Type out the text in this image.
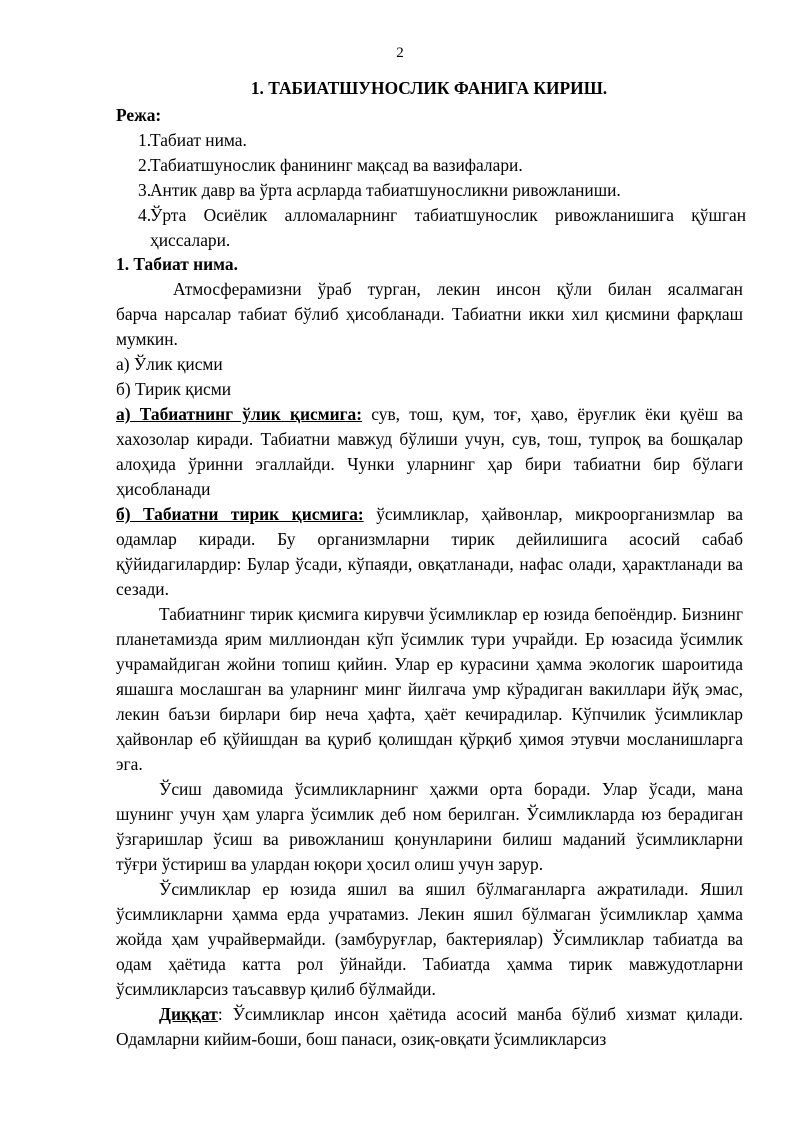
2
1. ТАБИАТШУНОСЛИК ФАНИГА КИРИШ.
Режа:
1.
Табиат нима.
2.
Табиатшунослик фанининг мақсад ва вазифалари.
3.
Антик давр ва ўрта асрларда табиатшуносликни ривожланиши.
4.
Ўрта Осиёлик алломаларнинг табиатшунослик ривожланишига қўшган
ҳиссалари.
1. Табиат нима.
Атмосферамизни ўраб турган, лекин инсон қўли билан ясалмаган
барча нарсалар табиат бўлиб ҳисобланади. Табиатни икки хил қисмини фарқлаш мумкин.
а) Ўлик қисми
б) Тирик қисми
а) Табиатнинг ўлик қисмига: сув, тош, қум, тоғ, ҳаво, ёруғлик ёки қуёш ва хахозолар киради. Табиатни мавжуд бўлиши учун, сув, тош, тупроқ ва бошқалар алоҳида ўринни эгаллайди. Чунки уларнинг ҳар бири табиатни бир бўлаги ҳисобланади
б) Табиатни тирик қисмига: ўсимликлар, ҳайвонлар, микроорганизмлар ва одамлар киради. Бу организмларни тирик дейилишига асосий сабаб қўйидагилардир: Булар ўсади, кўпаяди, овқатланади, нафас олади, ҳарактланади ва сезади.
Табиатнинг тирик қисмига кирувчи ўсимликлар ер юзида бепоёндир. Бизнинг планетамизда ярим миллиондан кўп ўсимлик тури учрайди. Ер юзасида ўсимлик учрамайдиган жойни топиш қийин. Улар ер курасини ҳамма экологик шароитида яшашга мослашган ва уларнинг минг йилгача умр кўрадиган вакиллари йўқ эмас, лекин баъзи бирлари бир неча ҳафта, ҳаёт кечирадилар. Кўпчилик ўсимликлар ҳайвонлар еб қўйишдан ва қуриб қолишдан қўрқиб ҳимоя этувчи мосланишларга эга.
Ўсиш давомида ўсимликларнинг ҳажми орта боради. Улар ўсади, мана шунинг учун ҳам уларга ўсимлик деб ном берилган. Ўсимликларда юз берадиган ўзгаришлар ўсиш ва ривожланиш қонунларини билиш маданий ўсимликларни тўғри ўстириш ва улардан юқори ҳосил олиш учун зарур.
Ўсимликлар ер юзида яшил ва яшил бўлмаганларга ажратилади. Яшил ўсимликларни ҳамма ерда учратамиз. Лекин яшил бўлмаган ўсимликлар ҳамма жойда ҳам учрайвермайди. (замбуруғлар, бактериялар) Ўсимликлар табиатда ва одам ҳаётида катта рол ўйнайди. Табиатда ҳамма тирик мавжудотларни ўсимликларсиз таъсаввур қилиб бўлмайди.
Диққат: Ўсимликлар инсон ҳаётида асосий манба бўлиб хизмат қилади. Одамларни кийим-боши, бош панаси, озиқ-овқати ўсимликларсиз
